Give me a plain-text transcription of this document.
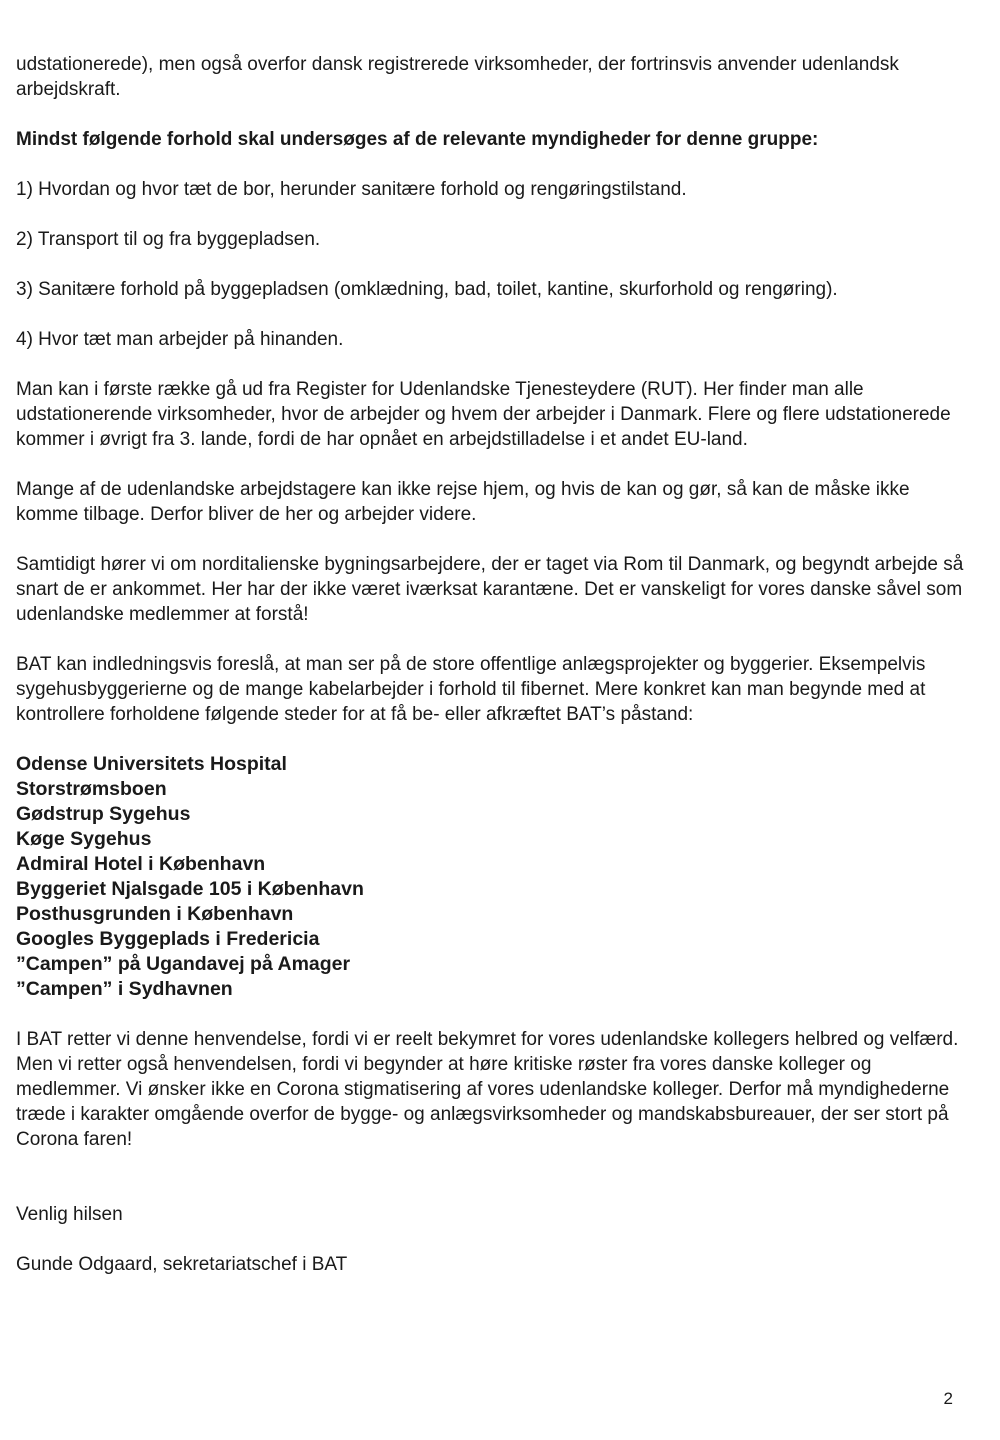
udstationerede), men også overfor dansk registrerede virksomheder, der fortrinsvis anvender udenlandsk arbejdskraft.

Mindst følgende forhold skal undersøges af de relevante myndigheder for denne gruppe:

1) Hvordan og hvor tæt de bor, herunder sanitære forhold og rengøringstilstand.

2) Transport til og fra byggepladsen.

3) Sanitære forhold på byggepladsen (omklædning, bad, toilet, kantine, skurforhold og rengøring).

4) Hvor tæt man arbejder på hinanden.

Man kan i første række gå ud fra Register for Udenlandske Tjenesteydere (RUT). Her finder man alle udstationerende virksomheder, hvor de arbejder og hvem der arbejder i Danmark. Flere og flere udstationerede kommer i øvrigt fra 3. lande, fordi de har opnået en arbejdstilladelse i et andet EU-land.

Mange af de udenlandske arbejdstagere kan ikke rejse hjem, og hvis de kan og gør, så kan de måske ikke komme tilbage. Derfor bliver de her og arbejder videre.

Samtidigt hører vi om norditalienske bygningsarbejdere, der er taget via Rom til Danmark, og begyndt arbejde så snart de er ankommet. Her har der ikke været iværksat karantæne. Det er vanskeligt for vores danske såvel som udenlandske medlemmer at forstå!

BAT kan indledningsvis foreslå, at man ser på de store offentlige anlægsprojekter og byggerier. Eksempelvis sygehusbyggerierne og de mange kabelarbejder i forhold til fibernet. Mere konkret kan man begynde med at kontrollere forholdene følgende steder for at få be- eller afkræftet BAT’s påstand:

Odense Universitets Hospital
Storstrømsboen
Gødstrup Sygehus
Køge Sygehus
Admiral Hotel i København
Byggeriet Njalsgade 105 i København
Posthusgrunden i København
Googles Byggeplads i Fredericia
”Campen” på Ugandavej på Amager
”Campen” i Sydhavnen

I BAT retter vi denne henvendelse, fordi vi er reelt bekymret for vores udenlandske kollegers helbred og velfærd. Men vi retter også henvendelsen, fordi vi begynder at høre kritiske røster fra vores danske kolleger og medlemmer. Vi ønsker ikke en Corona stigmatisering af vores udenlandske kolleger. Derfor må myndighederne træde i karakter omgående overfor de bygge- og anlægsvirksomheder og mandskabsbureauer, der ser stort på Corona faren!

Venlig hilsen

Gunde Odgaard, sekretariatschef i BAT

2
